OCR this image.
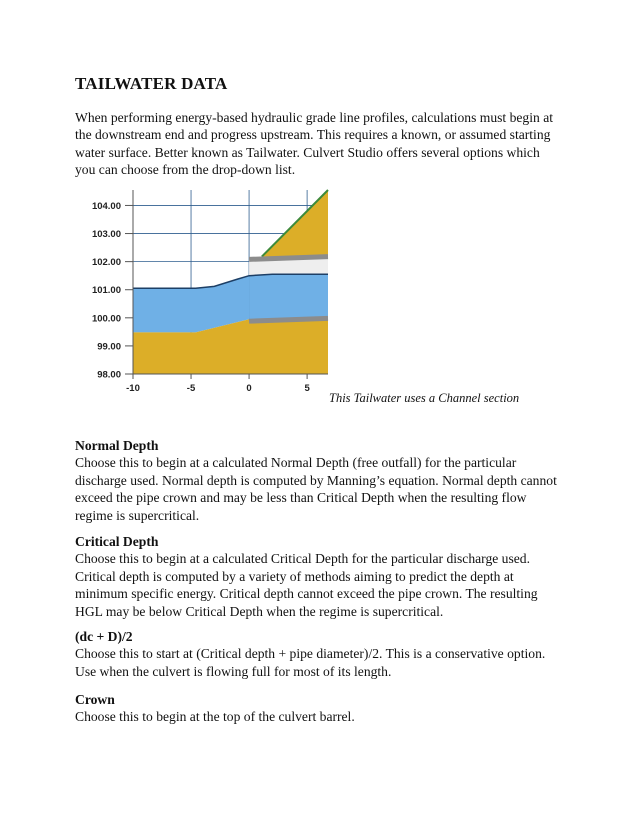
TAILWATER DATA

When performing energy-based hydraulic grade line profiles, calculations must begin at

the downstream end and progress upstream. This requires a known, or assumed starting

water surface. Better known as Tailwater. Culvert Studio offers several options which

you can choose from the drop-down list.

Normal Depth

Choose this to begin at a calculated Normal Depth (free outfall) for the particular

discharge used. Normal depth is computed by Manning’s equation. Normal depth cannot

exceed the pipe crown and may be less than Critical Depth when the resulting flow

regime is supercritical.

Critical Depth

Choose this to begin at a calculated Critical Depth for the particular discharge used.

Critical depth is computed by a variety of methods aiming to predict the depth at

minimum specific energy. Critical depth cannot exceed the pipe crown. The resulting

HGL may be below Critical Depth when the regime is supercritical.

(dc + D)/2

Choose this to start at (Critical depth + pipe diameter)/2. This is a conservative option.

Use when the culvert is flowing full for most of its length.

Crown

Choose this to begin at the top of the culvert barrel.

104.00
103.00
102.00
101.00
100.00
99.00
98.00
-10	-5	0	5
This Tailwater uses a Channel section
